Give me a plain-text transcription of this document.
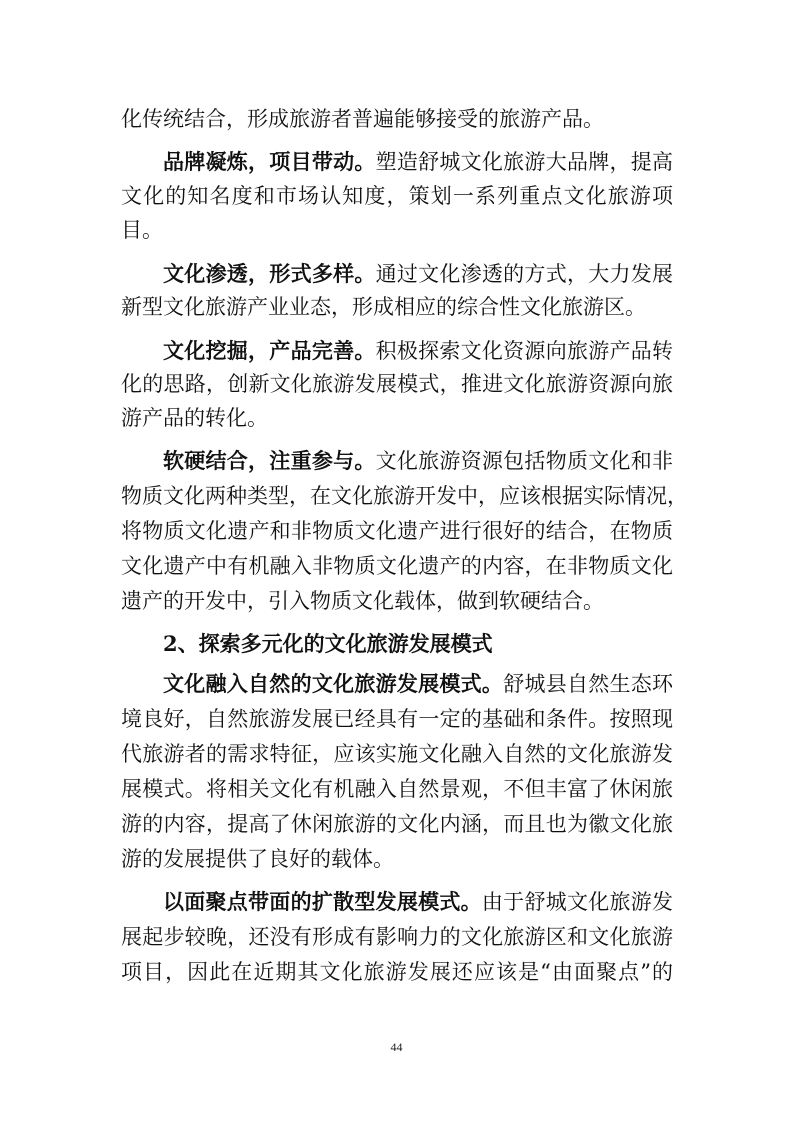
化传统结合，形成旅游者普遍能够接受的旅游产品。
品牌凝炼，项目带动。塑造舒城文化旅游大品牌，提高
文化的知名度和市场认知度，策划一系列重点文化旅游项
目。
文化渗透，形式多样。通过文化渗透的方式，大力发展
新型文化旅游产业业态，形成相应的综合性文化旅游区。
文化挖掘，产品完善。积极探索文化资源向旅游产品转
化的思路，创新文化旅游发展模式，推进文化旅游资源向旅
游产品的转化。
软硬结合，注重参与。文化旅游资源包括物质文化和非
物质文化两种类型，在文化旅游开发中，应该根据实际情况，
将物质文化遗产和非物质文化遗产进行很好的结合，在物质
文化遗产中有机融入非物质文化遗产的内容，在非物质文化
遗产的开发中，引入物质文化载体，做到软硬结合。
2、探索多元化的文化旅游发展模式
文化融入自然的文化旅游发展模式。舒城县自然生态环
境良好，自然旅游发展已经具有一定的基础和条件。按照现
代旅游者的需求特征，应该实施文化融入自然的文化旅游发
展模式。将相关文化有机融入自然景观，不但丰富了休闲旅
游的内容，提高了休闲旅游的文化内涵，而且也为徽文化旅
游的发展提供了良好的载体。
以面聚点带面的扩散型发展模式。由于舒城文化旅游发
展起步较晚，还没有形成有影响力的文化旅游区和文化旅游
项目，因此在近期其文化旅游发展还应该是“由面聚点”的
44
